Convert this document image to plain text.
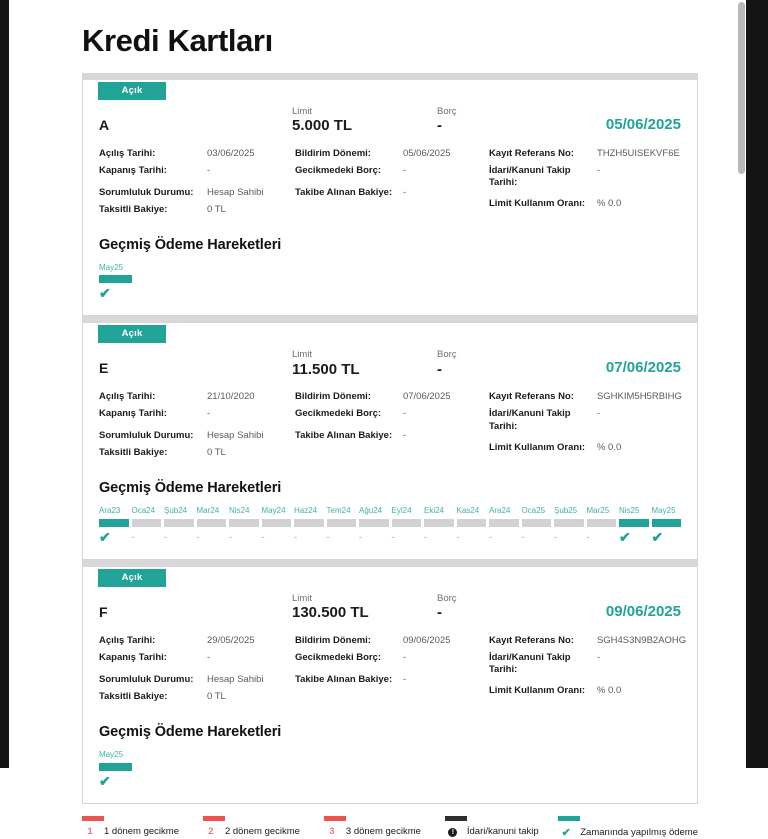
Kredi Kartları
Açık
A
Limit
5.000 TL
Borç
-	05/06/2025
Açılış Tarihi:	03/06/2025
Kapanış Tarihi:	-
Sorumluluk Durumu:	Hesap Sahibi
Taksitli Bakiye:	0 TL
Bildirim Dönemi:	05/06/2025
Gecikmedeki Borç:	-
Takibe Alınan Bakiye:	-
Kayıt Referans No:	THZH5UISEKVF6E
İdari/Kanuni Takip Tarihi:
-
Limit Kullanım Oranı:	% 0.0
Geçmiş Ödeme Hareketleri
May25
✔
Açık
E
Limit
11.500 TL
Borç
-	07/06/2025
Açılış Tarihi:	21/10/2020
Kapanış Tarihi:	-
Sorumluluk Durumu:	Hesap Sahibi
Taksitli Bakiye:	0 TL
Bildirim Dönemi:	07/06/2025
Gecikmedeki Borç:	-
Takibe Alınan Bakiye:	-
Kayıt Referans No:	SGHKIM5H5RBIHG
İdari/Kanuni Takip Tarihi:
-
Limit Kullanım Oranı:	% 0.0
Geçmiş Ödeme Hareketleri
Ara23
✔
Oca24
-
Şub24
-
Mar24
-
Nis24
-
May24
-
Haz24
-
Tem24
-
Ağu24
-
Eyl24
-
Eki24
-
Kas24
-
Ara24
-
Oca25
-
Şub25
-
Mar25
-
Nis25
✔
May25
✔
Açık
F
Limit
130.500 TL
Borç
-	09/06/2025
Açılış Tarihi:	29/05/2025
Kapanış Tarihi:	-
Sorumluluk Durumu:	Hesap Sahibi
Taksitli Bakiye:	0 TL
Bildirim Dönemi:	09/06/2025
Gecikmedeki Borç:	-
Takibe Alınan Bakiye:	-
Kayıt Referans No:	SGH4S3N9B2AOHG
İdari/Kanuni Takip Tarihi:
-
Limit Kullanım Oranı:	% 0.0
Geçmiş Ödeme Hareketleri
May25
✔
1	1 dönem gecikme	2	2 dönem gecikme	3	3 dönem gecikme	!	İdari/kanuni takip	✔ Zamanında yapılmış ödeme
